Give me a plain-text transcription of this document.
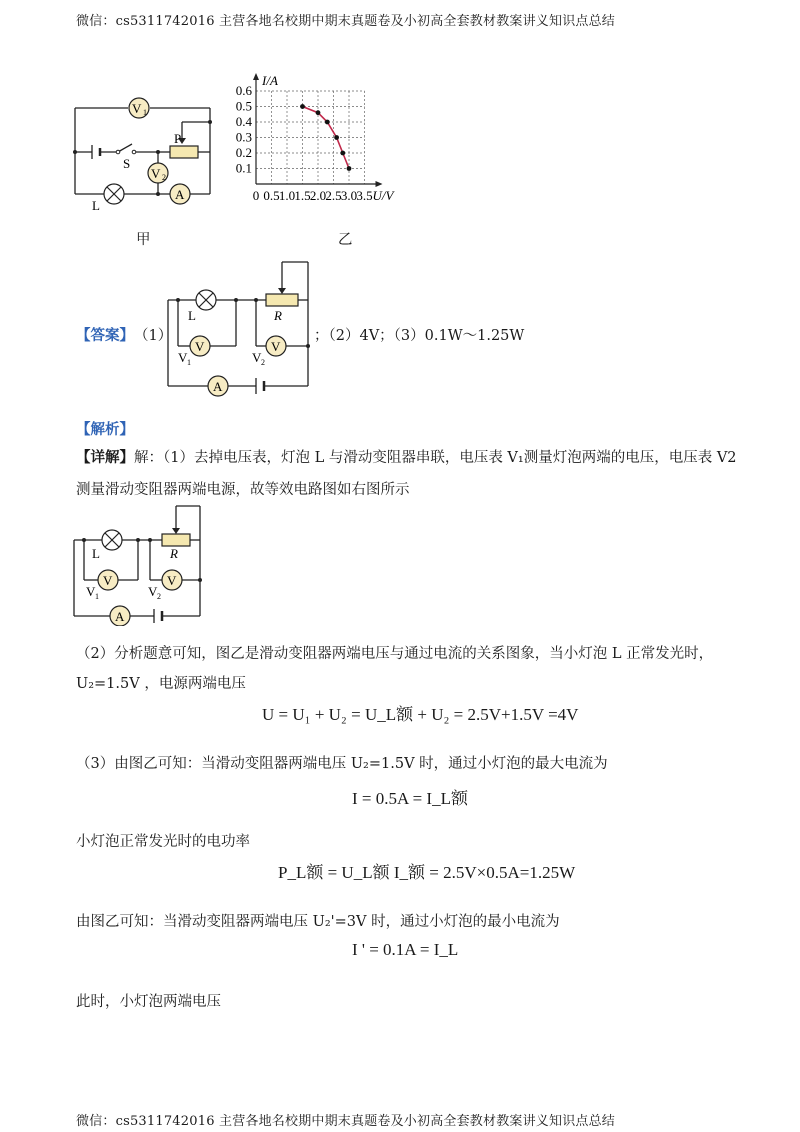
微信：cs5311742016 主营各地名校期中期末真题卷及小初高全套教材教案讲义知识点总结
V 1
V 2
A
P
S
L
甲
0 0.5 1.0 1.5 2.0 2.5 3.0 3.5
0.1
0.2
0.3
0.4
0.5
0.6
U/V
I/A
乙
【答案】 （1）
V	V
A
L	R
V 1	V 2
；（2）4V；（3）0.1W～1.25W
【解析】
【详解】解：（1）去掉电压表，灯泡 L 与滑动变阻器串联，电压表 V₁测量灯泡两端的电压，电压表 V2
测量滑动变阻器两端电源，故等效电路图如右图所示
V	V
A
L	R
V 1	V 2
（2）分析题意可知，图乙是滑动变阻器两端电压与通过电流的关系图象，当小灯泡 L 正常发光时，
U₂=1.5V ，电源两端电压
U = U₁ + U₂ = U_L额 + U₂ = 2.5V+1.5V =4V
（3）由图乙可知：当滑动变阻器两端电压 U₂=1.5V 时，通过小灯泡的最大电流为
I = 0.5A = I_L额
小灯泡正常发光时的电功率
P_L额 = U_L额 I_额 = 2.5V×0.5A=1.25W
由图乙可知：当滑动变阻器两端电压 U₂'=3V 时，通过小灯泡的最小电流为
I ' = 0.1A = I_L
此时，小灯泡两端电压
微信：cs5311742016 主营各地名校期中期末真题卷及小初高全套教材教案讲义知识点总结
